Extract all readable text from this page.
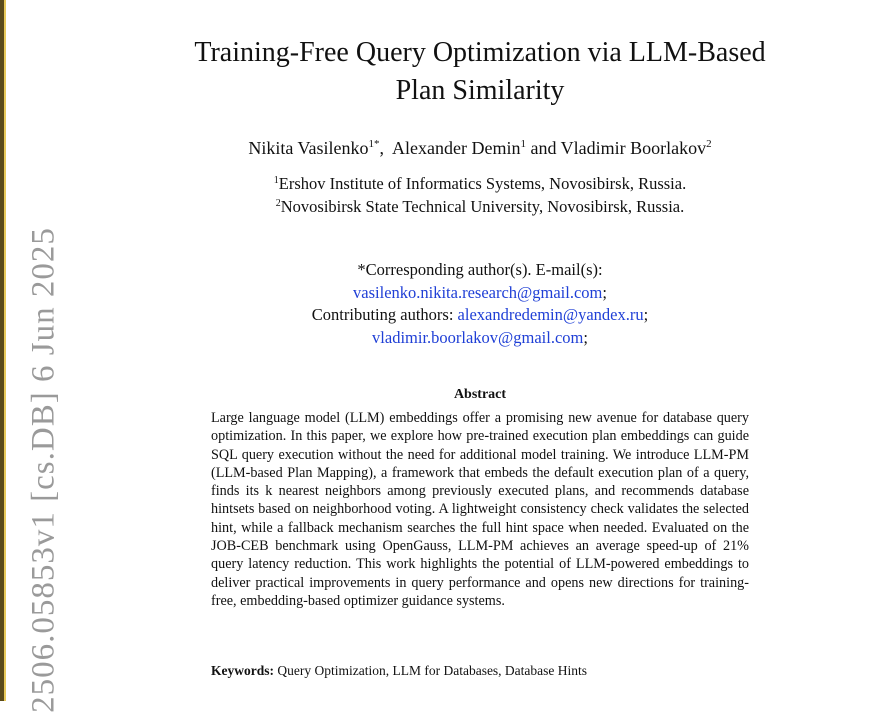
2506.05853v1 [cs.DB] 6 Jun 2025
Training-Free Query Optimization via LLM-Based
Plan Similarity
Nikita Vasilenko$^{1*}$,  Alexander Demin$^1$ and Vladimir Boorlakov$^2$
$^1$Ershov Institute of Informatics Systems, Novosibirsk, Russia.
$^2$Novosibirsk State Technical University, Novosibirsk, Russia.
*Corresponding author(s). E-mail(s):
vasilenko.nikita.research@gmail.com;
Contributing authors: alexandredemin@yandex.ru;
vladimir.boorlakov@gmail.com;
Abstract

Large language model (LLM) embeddings offer a promising new avenue for database query optimization. In this paper, we explore how pre-trained execution plan embeddings can guide SQL query execution without the need for additional model training. We introduce LLM-PM (LLM-based Plan Mapping), a framework that embeds the default execution plan of a query, finds its k nearest neighbors among previously executed plans, and recommends database hintsets based on neighborhood voting. A lightweight consistency check validates the selected hint, while a fallback mechanism searches the full hint space when needed. Evaluated on the JOB-CEB benchmark using OpenGauss, LLM-PM achieves an average speed-up of 21% query latency reduction. This work highlights the potential of LLM-powered embeddings to deliver practical improvements in query performance and opens new directions for training-free, embedding-based optimizer guidance systems.

Keywords: Query Optimization, LLM for Databases, Database Hints
